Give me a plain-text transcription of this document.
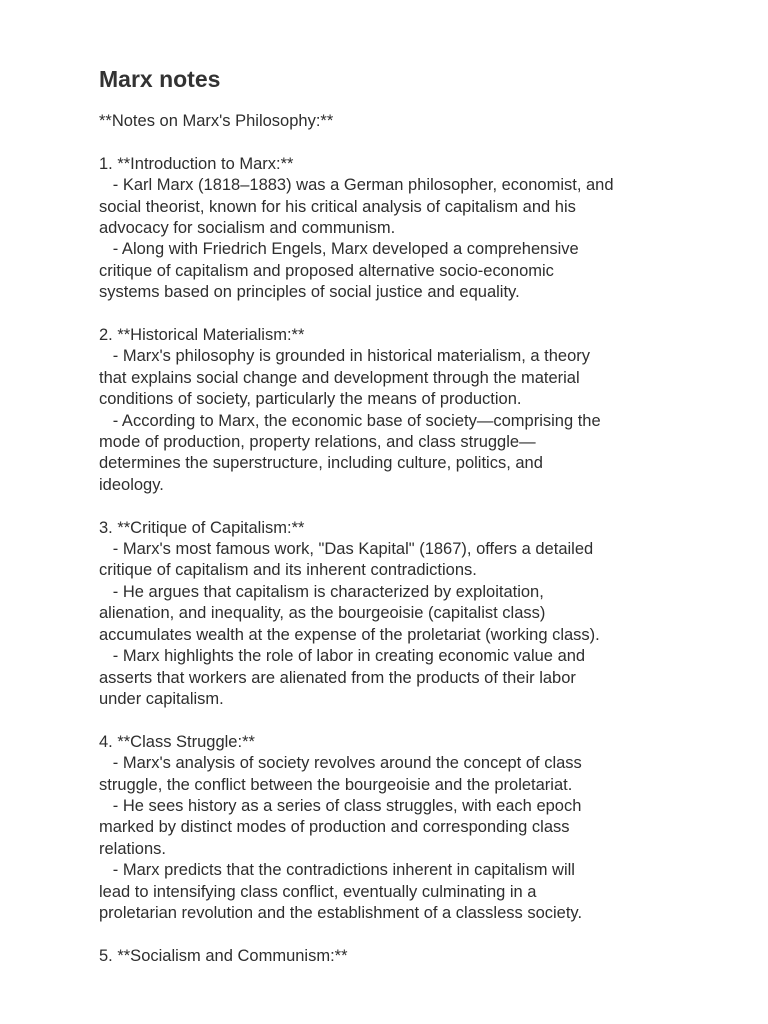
Marx notes

**Notes on Marx's Philosophy:**

1. **Introduction to Marx:**

- Karl Marx (1818–1883) was a German philosopher, economist, and

social theorist, known for his critical analysis of capitalism and his

advocacy for socialism and communism.

- Along with Friedrich Engels, Marx developed a comprehensive

critique of capitalism and proposed alternative socio-economic

systems based on principles of social justice and equality.

2. **Historical Materialism:**

- Marx's philosophy is grounded in historical materialism, a theory

that explains social change and development through the material

conditions of society, particularly the means of production.

- According to Marx, the economic base of society—comprising the

mode of production, property relations, and class struggle—

determines the superstructure, including culture, politics, and

ideology.

3. **Critique of Capitalism:**

- Marx's most famous work, "Das Kapital" (1867), offers a detailed

critique of capitalism and its inherent contradictions.

- He argues that capitalism is characterized by exploitation,

alienation, and inequality, as the bourgeoisie (capitalist class)

accumulates wealth at the expense of the proletariat (working class).

- Marx highlights the role of labor in creating economic value and

asserts that workers are alienated from the products of their labor

under capitalism.

4. **Class Struggle:**

- Marx's analysis of society revolves around the concept of class

struggle, the conflict between the bourgeoisie and the proletariat.

- He sees history as a series of class struggles, with each epoch

marked by distinct modes of production and corresponding class

relations.

- Marx predicts that the contradictions inherent in capitalism will

lead to intensifying class conflict, eventually culminating in a

proletarian revolution and the establishment of a classless society.

5. **Socialism and Communism:**
